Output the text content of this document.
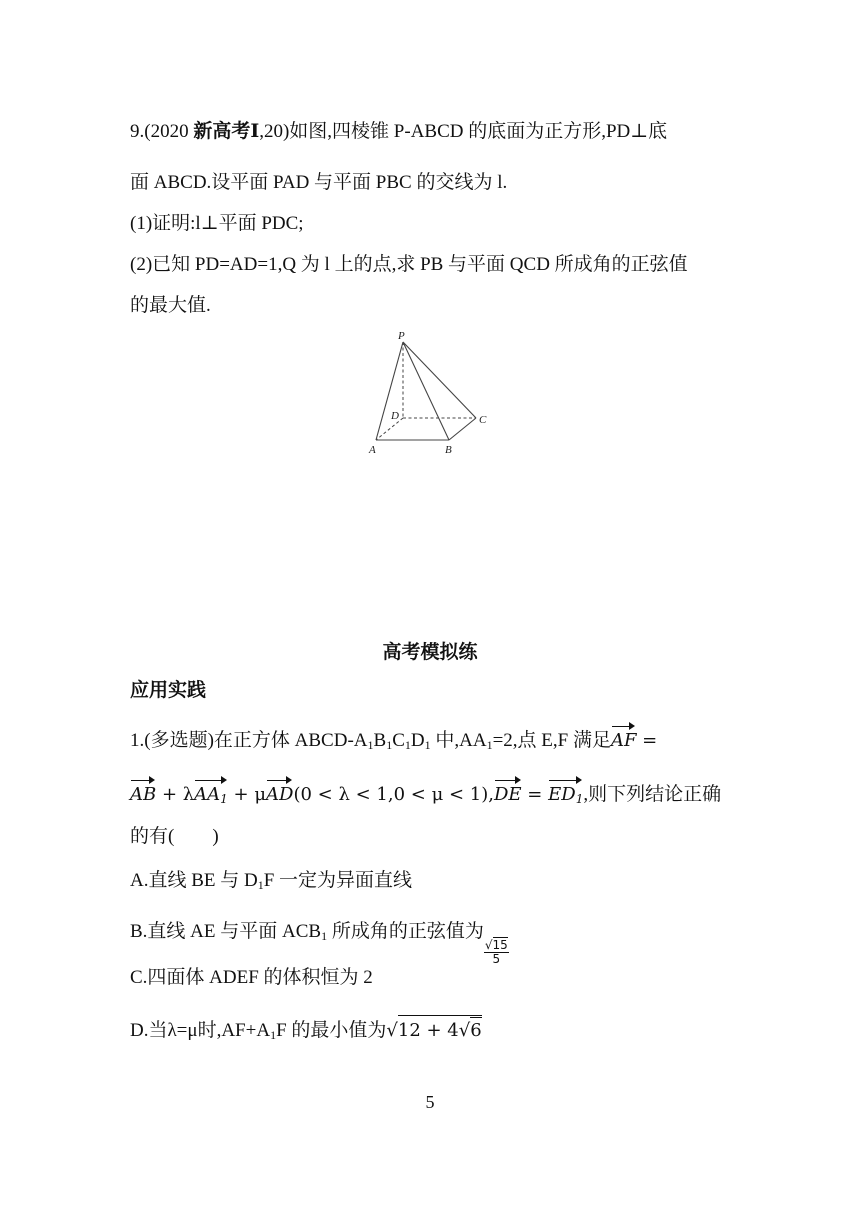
9.(2020 新高考Ⅰ,20)如图,四棱锥 P-ABCD 的底面为正方形,PD⊥底
面 ABCD.设平面 PAD 与平面 PBC 的交线为 l.
(1)证明:l⊥平面 PDC;
(2)已知 PD=AD=1,Q 为 l 上的点,求 PB 与平面 QCD 所成角的正弦值
的最大值.
P
D	C
A	B
高考模拟练
应用实践
1.(多选题)在正方体 ABCD-$A_1B_1C_1D_1$ 中$,AA_1=2$,点 E,F 满足AF =
AB + $\lambda AA_1 + \mu AD(0 < \lambda < 1,0 < \mu < 1),DE = ED_1$,则下列结论正确
的有(　　)
A.直线 BE 与 $D_1F$ 一定为异面直线
B.直线 AE 与平面 $ACB_1$ 所成角的正弦值为
$\frac{√15}{5}$
C.四面体 ADEF 的体积恒为 2
D.当λ=μ时$,AF+A_1F$ 的最小值为√12 + 4√6
5
